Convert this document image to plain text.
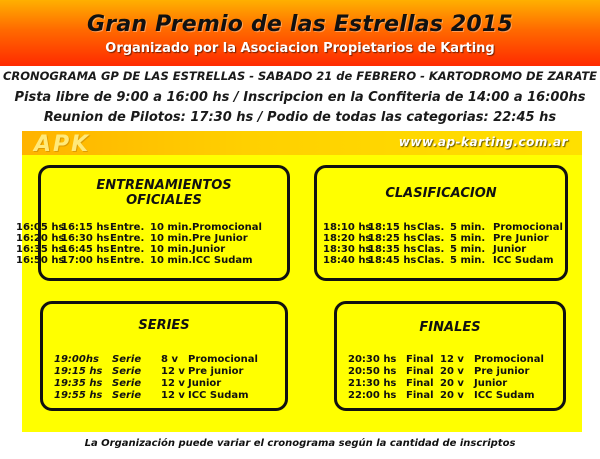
Gran Premio de las Estrellas 2015
Organizado por la Asociacion Propietarios de Karting
CRONOGRAMA GP DE LAS ESTRELLAS - SABADO 21 de FEBRERO - KARTODROMO DE ZARATE
Pista libre de 9:00 a 16:00 hs / Inscripcion en la Confiteria de 14:00 a 16:00hs
Reunion de Pilotos: 17:30 hs / Podio de todas las categorias: 22:45 hs
APK	www.ap-karting.com.ar
ENTRENAMIENTOS
OFICIALES
16:05 hs
16:15 hs Entre. 10 min. Promocional
16:20 hs
16:30 hs Entre. 10 min. Pre Junior
16:35 hs
16:45 hs Entre. 10 min. Junior
16:50 hs
17:00 hs Entre. 10 min. ICC Sudam
CLASIFICACION
18:10 hs
18:15 hs Clas. 5 min. Promocional
18:20 hs
18:25 hs Clas. 5 min. Pre Junior
18:30 hs
18:35 hs Clas. 5 min. Junior
18:40 hs
18:45 hs Clas. 5 min. ICC Sudam
SERIES
19:00hs Serie 8 v Promocional
19:15 hs Serie 12 v Pre junior
19:35 hs Serie 12 v Junior
19:55 hs Serie 12 v ICC Sudam
FINALES
20:30 hs Final 12 v Promocional
20:50 hs Final 20 v Pre junior
21:30 hs Final 20 v Junior
22:00 hs Final 20 v ICC Sudam
La Organización puede variar el cronograma según la cantidad de inscriptos
